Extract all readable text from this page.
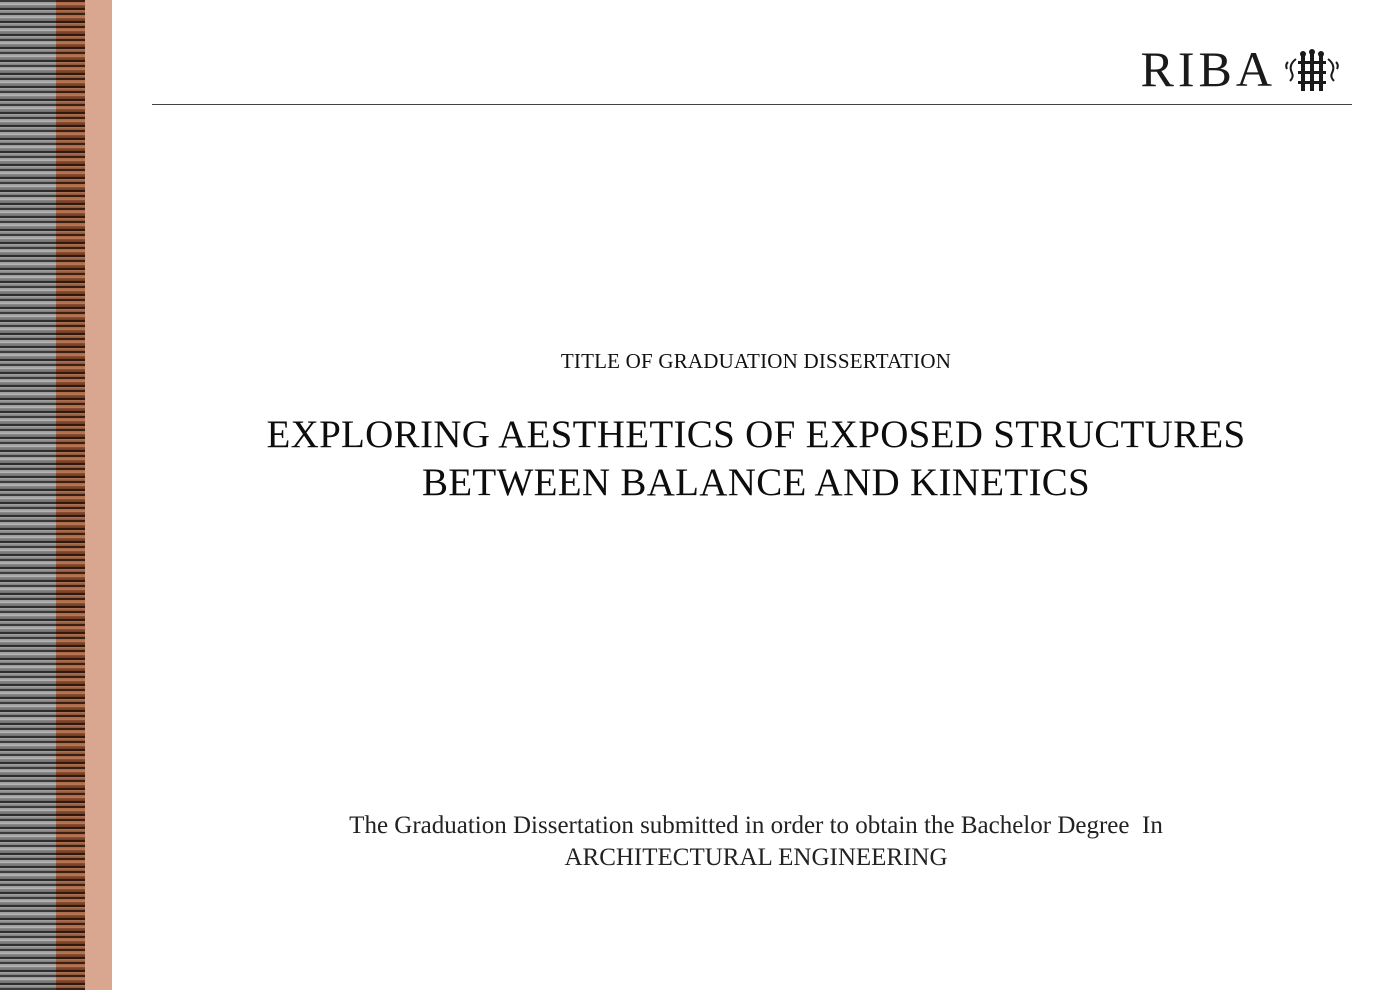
RIBA
TITLE OF GRADUATION DISSERTATION
EXPLORING AESTHETICS OF EXPOSED STRUCTURES
BETWEEN BALANCE AND KINETICS
The Graduation Dissertation submitted in order to obtain the Bachelor Degree  In
ARCHITECTURAL ENGINEERING
